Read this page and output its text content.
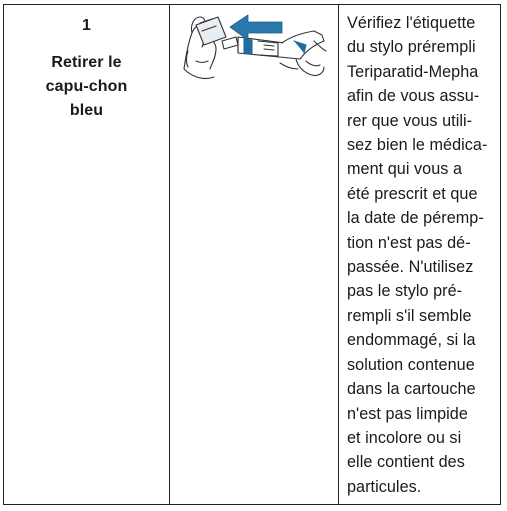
1
Retirer le capu-chon bleu
Vérifiez l'étiquette
du stylo prérempli
Teriparatid-Mepha
afin de vous assu-
rer que vous utili-
sez bien le médica-
ment qui vous a
été prescrit et que
la date de péremp-
tion n'est pas dé-
passée. N'utilisez
pas le stylo pré-
rempli s'il semble
endommagé, si la
solution contenue
dans la cartouche
n'est pas limpide
et incolore ou si
elle contient des
particules.
